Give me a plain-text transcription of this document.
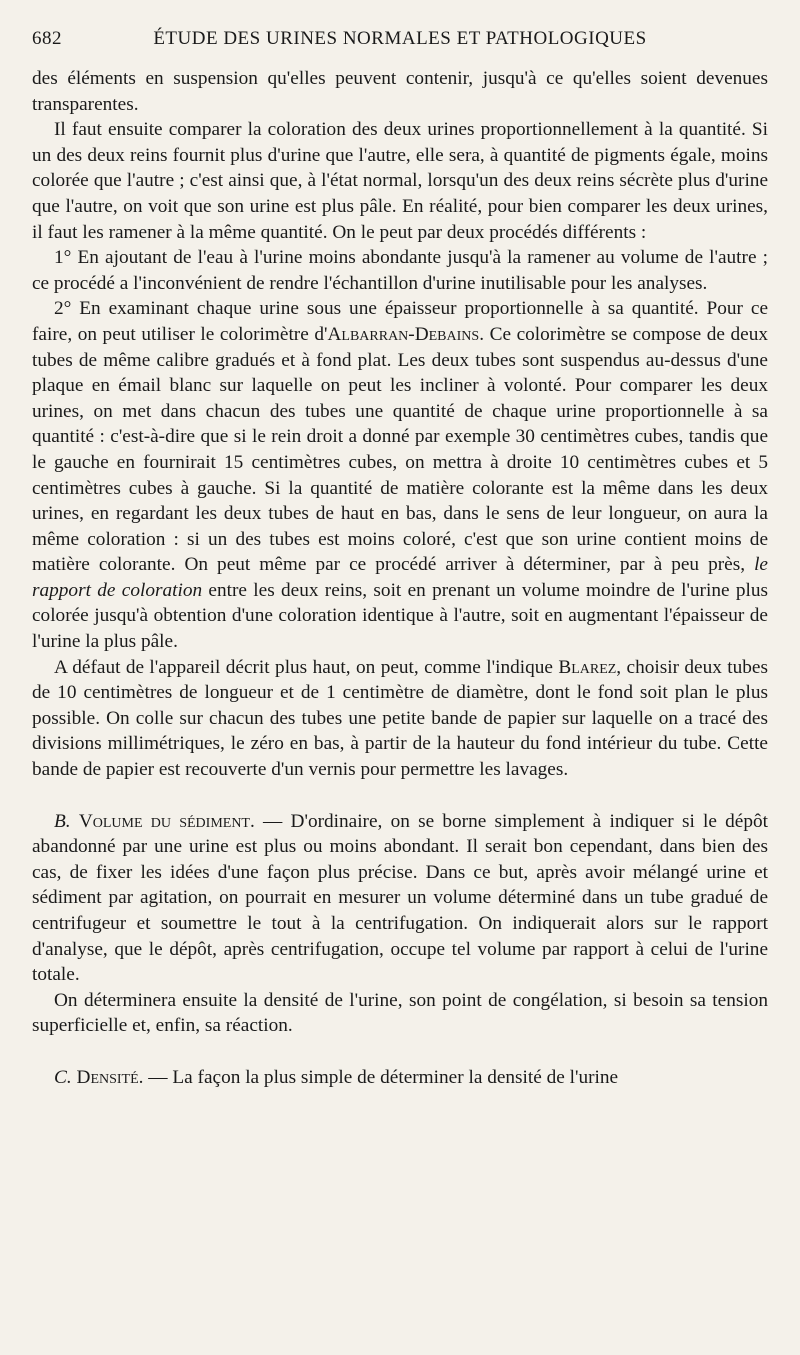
682	ÉTUDE DES URINES NORMALES ET PATHOLOGIQUES

des éléments en suspension qu'elles peuvent contenir, jusqu'à ce qu'elles soient devenues transparentes.

Il faut ensuite comparer la coloration des deux urines proportionnellement à la quantité. Si un des deux reins fournit plus d'urine que l'autre, elle sera, à quantité de pigments égale, moins colorée que l'autre ; c'est ainsi que, à l'état normal, lorsqu'un des deux reins sécrète plus d'urine que l'autre, on voit que son urine est plus pâle. En réalité, pour bien comparer les deux urines, il faut les ramener à la même quantité. On le peut par deux procédés différents :

1° En ajoutant de l'eau à l'urine moins abondante jusqu'à la ramener au volume de l'autre ; ce procédé a l'inconvénient de rendre l'échantillon d'urine inutilisable pour les analyses.

2° En examinant chaque urine sous une épaisseur proportionnelle à sa quantité. Pour ce faire, on peut utiliser le colorimètre d'Albarran-Debains. Ce colorimètre se compose de deux tubes de même calibre gradués et à fond plat. Les deux tubes sont suspendus au-dessus d'une plaque en émail blanc sur laquelle on peut les incliner à volonté. Pour comparer les deux urines, on met dans chacun des tubes une quantité de chaque urine proportionnelle à sa quantité : c'est-à-dire que si le rein droit a donné par exemple 30 centimètres cubes, tandis que le gauche en fournirait 15 centimètres cubes, on mettra à droite 10 centimètres cubes et 5 centimètres cubes à gauche. Si la quantité de matière colorante est la même dans les deux urines, en regardant les deux tubes de haut en bas, dans le sens de leur longueur, on aura la même coloration : si un des tubes est moins coloré, c'est que son urine contient moins de matière colorante. On peut même par ce procédé arriver à déterminer, par à peu près, le rapport de coloration entre les deux reins, soit en prenant un volume moindre de l'urine plus colorée jusqu'à obtention d'une coloration identique à l'autre, soit en augmentant l'épaisseur de l'urine la plus pâle.

A défaut de l'appareil décrit plus haut, on peut, comme l'indique Blarez, choisir deux tubes de 10 centimètres de longueur et de 1 centimètre de diamètre, dont le fond soit plan le plus possible. On colle sur chacun des tubes une petite bande de papier sur laquelle on a tracé des divisions millimétriques, le zéro en bas, à partir de la hauteur du fond intérieur du tube. Cette bande de papier est recouverte d'un vernis pour permettre les lavages.

B. Volume du sédiment. — D'ordinaire, on se borne simplement à indiquer si le dépôt abandonné par une urine est plus ou moins abondant. Il serait bon cependant, dans bien des cas, de fixer les idées d'une façon plus précise. Dans ce but, après avoir mélangé urine et sédiment par agitation, on pourrait en mesurer un volume déterminé dans un tube gradué de centrifugeur et soumettre le tout à la centrifugation. On indiquerait alors sur le rapport d'analyse, que le dépôt, après centrifugation, occupe tel volume par rapport à celui de l'urine totale.

On déterminera ensuite la densité de l'urine, son point de congélation, si besoin sa tension superficielle et, enfin, sa réaction.

C. Densité. — La façon la plus simple de déterminer la densité de l'urine
